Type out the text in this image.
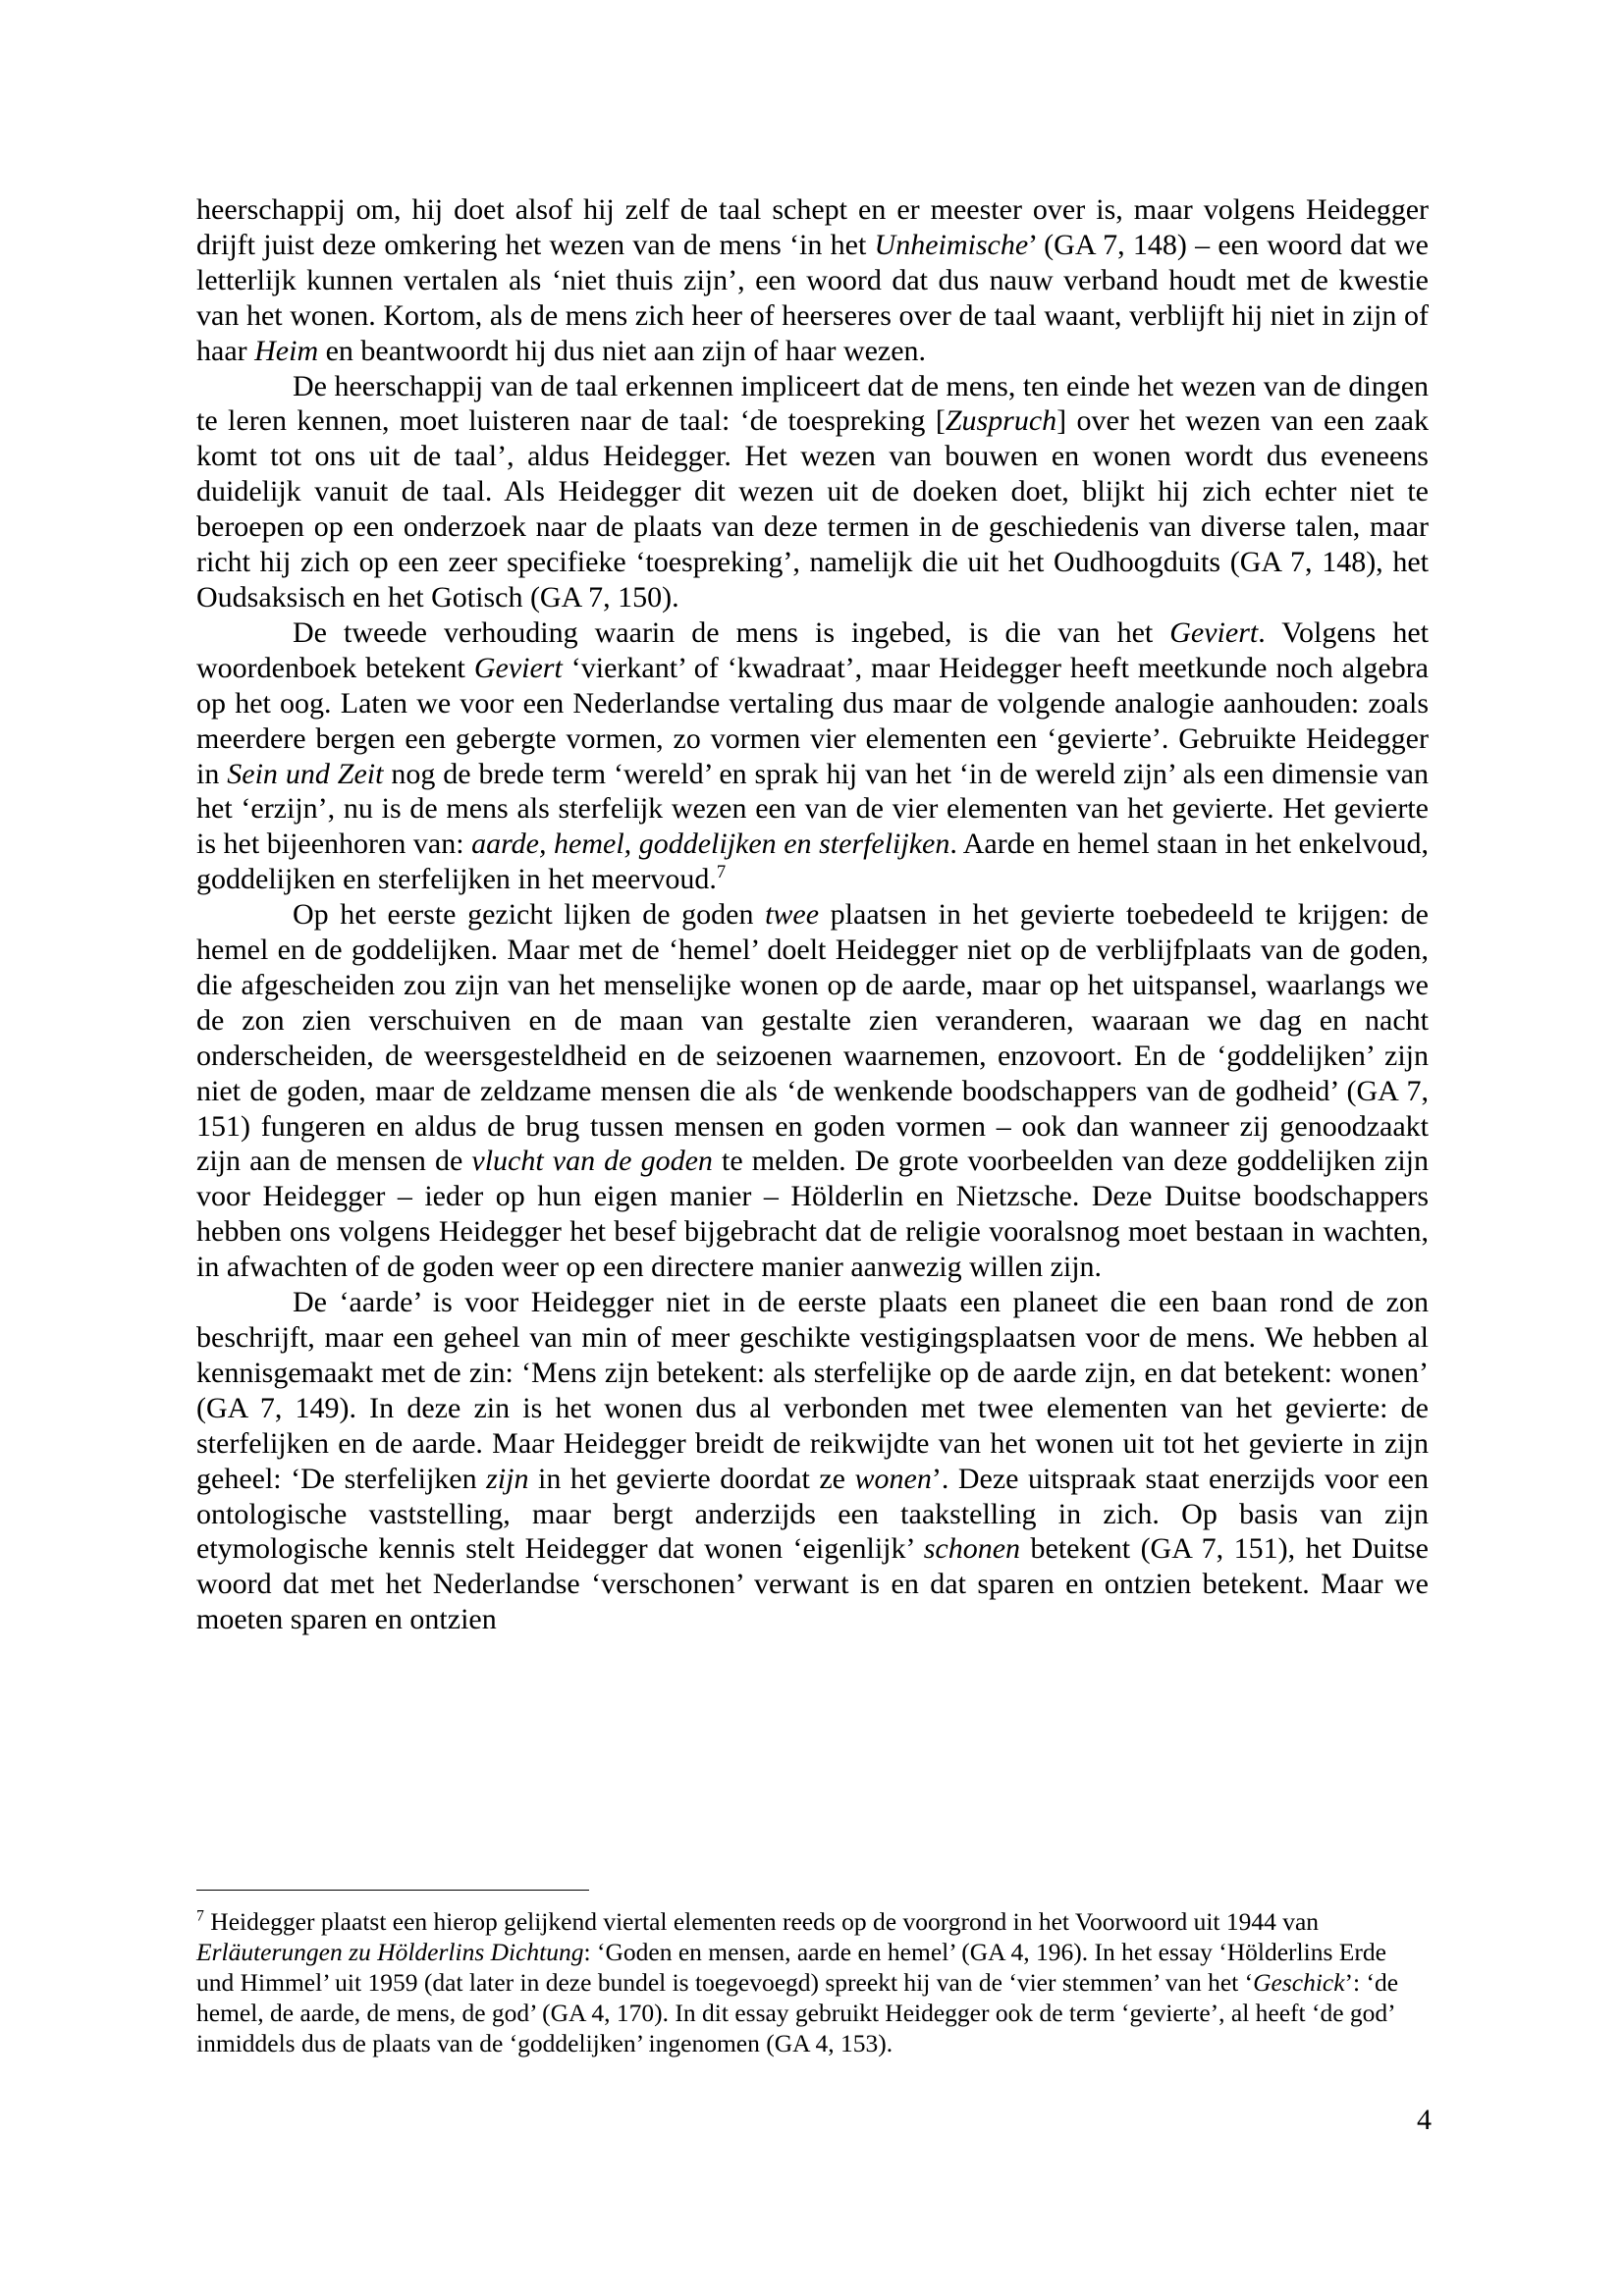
heerschappij om, hij doet alsof hij zelf de taal schept en er meester over is, maar volgens Heidegger drijft juist deze omkering het wezen van de mens ‘in het Unheimische’ (GA 7, 148) – een woord dat we letterlijk kunnen vertalen als ‘niet thuis zijn’, een woord dat dus nauw verband houdt met de kwestie van het wonen. Kortom, als de mens zich heer of heerseres over de taal waant, verblijft hij niet in zijn of haar Heim en beantwoordt hij dus niet aan zijn of haar wezen.

De heerschappij van de taal erkennen impliceert dat de mens, ten einde het wezen van de dingen te leren kennen, moet luisteren naar de taal: ‘de toespreking [Zuspruch] over het wezen van een zaak komt tot ons uit de taal’, aldus Heidegger. Het wezen van bouwen en wonen wordt dus eveneens duidelijk vanuit de taal. Als Heidegger dit wezen uit de doeken doet, blijkt hij zich echter niet te beroepen op een onderzoek naar de plaats van deze termen in de geschiedenis van diverse talen, maar richt hij zich op een zeer specifieke ‘toespreking’, namelijk die uit het Oudhoogduits (GA 7, 148), het Oudsaksisch en het Gotisch (GA 7, 150).

De tweede verhouding waarin de mens is ingebed, is die van het Geviert. Volgens het woordenboek betekent Geviert ‘vierkant’ of ‘kwadraat’, maar Heidegger heeft meetkunde noch algebra op het oog. Laten we voor een Nederlandse vertaling dus maar de volgende analogie aanhouden: zoals meerdere bergen een gebergte vormen, zo vormen vier elementen een ‘gevierte’. Gebruikte Heidegger in Sein und Zeit nog de brede term ‘wereld’ en sprak hij van het ‘in de wereld zijn’ als een dimensie van het ‘erzijn’, nu is de mens als sterfelijk wezen een van de vier elementen van het gevierte. Het gevierte is het bijeenhoren van: aarde, hemel, goddelijken en sterfelijken. Aarde en hemel staan in het enkelvoud, goddelijken en sterfelijken in het meervoud.$^7$

Op het eerste gezicht lijken de goden twee plaatsen in het gevierte toebedeeld te krijgen: de hemel en de goddelijken. Maar met de ‘hemel’ doelt Heidegger niet op de verblijfplaats van de goden, die afgescheiden zou zijn van het menselijke wonen op de aarde, maar op het uitspansel, waarlangs we de zon zien verschuiven en de maan van gestalte zien veranderen, waaraan we dag en nacht onderscheiden, de weersgesteldheid en de seizoenen waarnemen, enzovoort. En de ‘goddelijken’ zijn niet de goden, maar de zeldzame mensen die als ‘de wenkende boodschappers van de godheid’ (GA 7, 151) fungeren en aldus de brug tussen mensen en goden vormen – ook dan wanneer zij genoodzaakt zijn aan de mensen de vlucht van de goden te melden. De grote voorbeelden van deze goddelijken zijn voor Heidegger – ieder op hun eigen manier – Hölderlin en Nietzsche. Deze Duitse boodschappers hebben ons volgens Heidegger het besef bijgebracht dat de religie vooralsnog moet bestaan in wachten, in afwachten of de goden weer op een directere manier aanwezig willen zijn.

De ‘aarde’ is voor Heidegger niet in de eerste plaats een planeet die een baan rond de zon beschrijft, maar een geheel van min of meer geschikte vestigingsplaatsen voor de mens. We hebben al kennisgemaakt met de zin: ‘Mens zijn betekent: als sterfelijke op de aarde zijn, en dat betekent: wonen’ (GA 7, 149). In deze zin is het wonen dus al verbonden met twee elementen van het gevierte: de sterfelijken en de aarde. Maar Heidegger breidt de reikwijdte van het wonen uit tot het gevierte in zijn geheel: ‘De sterfelijken zijn in het gevierte doordat ze wonen’. Deze uitspraak staat enerzijds voor een ontologische vaststelling, maar bergt anderzijds een taakstelling in zich. Op basis van zijn etymologische kennis stelt Heidegger dat wonen ‘eigenlijk’ schonen betekent (GA 7, 151), het Duitse woord dat met het Nederlandse ‘verschonen’ verwant is en dat sparen en ontzien betekent. Maar we moeten sparen en ontzien

$^7$ Heidegger plaatst een hierop gelijkend viertal elementen reeds op de voorgrond in het Voorwoord uit 1944 van Erläuterungen zu Hölderlins Dichtung: ‘Goden en mensen, aarde en hemel’ (GA 4, 196). In het essay ‘Hölderlins Erde und Himmel’ uit 1959 (dat later in deze bundel is toegevoegd) spreekt hij van de ‘vier stemmen’ van het ‘Geschick’: ‘de hemel, de aarde, de mens, de god’ (GA 4, 170). In dit essay gebruikt Heidegger ook de term ‘gevierte’, al heeft ‘de god’ inmiddels dus de plaats van de ‘goddelijken’ ingenomen (GA 4, 153).

4
